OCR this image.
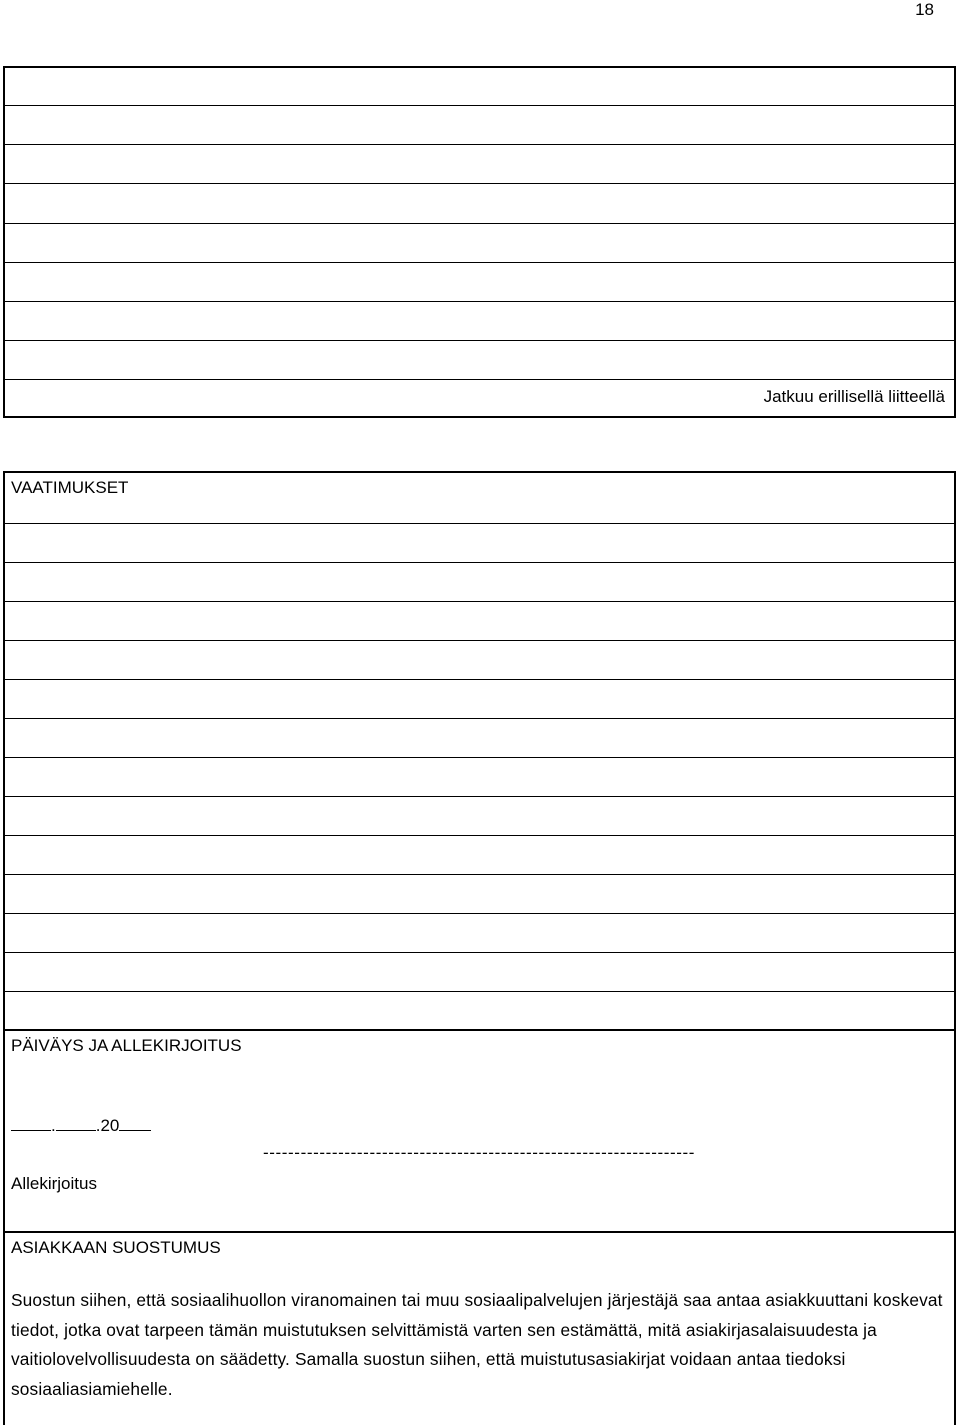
18
Jatkuu erillisellä liitteellä
VAATIMUKSET
PÄIVÄYS JA ALLEKIRJOITUS
. .20
---------------------------------------------------------------------
Allekirjoitus
ASIAKKAAN SUOSTUMUS
Suostun siihen, että sosiaalihuollon viranomainen tai muu sosiaalipalvelujen järjestäjä saa antaa asiakkuuttani koskevat tiedot, jotka ovat tarpeen tämän muistutuksen selvittämistä varten sen estämättä, mitä asiakirjasalaisuudesta ja vaitiolovelvollisuudesta on säädetty. Samalla suostun siihen, että muistutusasiakirjat voidaan antaa tiedoksi sosiaaliasiamiehelle.
